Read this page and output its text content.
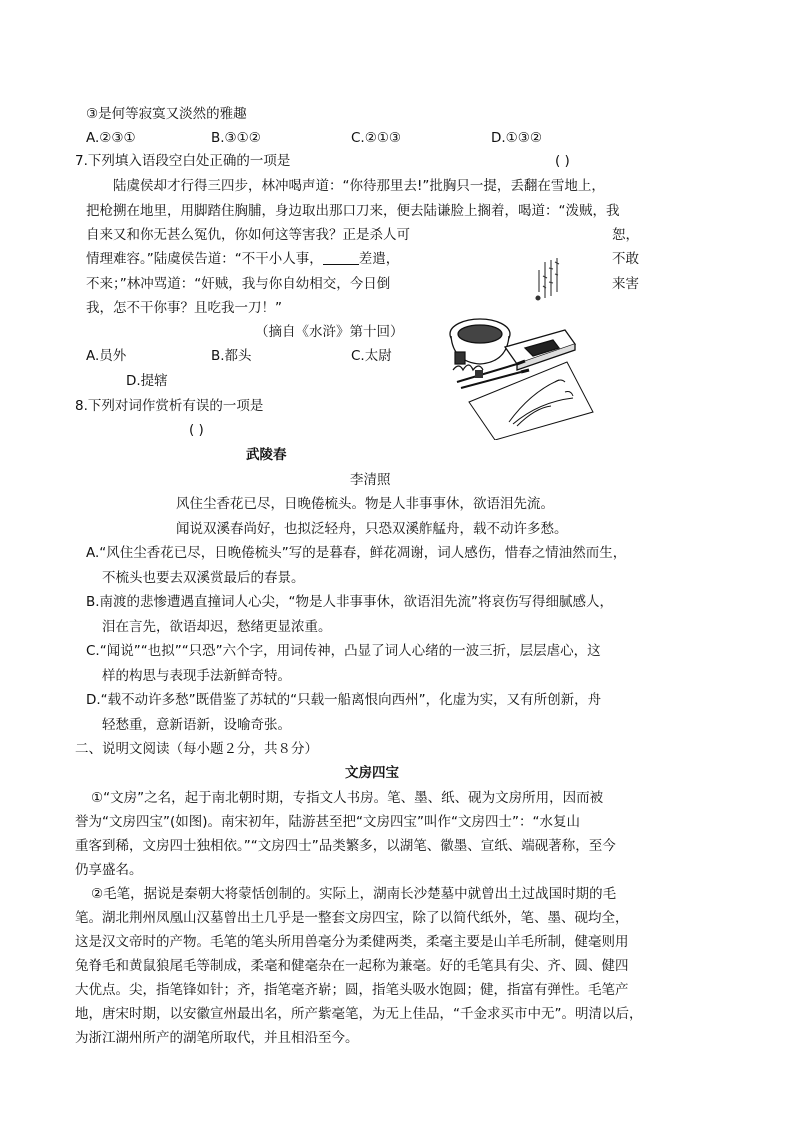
③是何等寂寞又淡然的雅趣
A.②③①	B.③①②	C.②①③	D.①③②
7.下列填入语段空白处正确的一项是	( )
陆虞侯却才行得三四步，林冲喝声道：“你待那里去!”批胸只一提，丢翻在雪地上，
把枪搠在地里，用脚踏住胸脯，身边取出那口刀来，便去陆谦脸上搁着，喝道：“泼贼，我
自来又和你无甚么冤仇，你如何这等害我？正是杀人可	恕，
情理难容。”陆虞侯告道：“不干小人事，	差遣，	不敢
不来；”林冲骂道：“奸贼，我与你自幼相交，今日倒	来害
我，怎不干你事？且吃我一刀！”
（摘自《水浒》第十回）
A.员外	B.都头	C.太尉
D.提辖
8.下列对词作赏析有误的一项是
( )
武陵春
李清照
风住尘香花已尽，日晚倦梳头。物是人非事事休，欲语泪先流。
闻说双溪春尚好，也拟泛轻舟，只恐双溪舴艋舟，载不动许多愁。
A.“风住尘香花已尽，日晚倦梳头”写的是暮春，鲜花凋谢，词人感伤，惜春之情油然而生，
不梳头也要去双溪赏最后的春景。
B.南渡的悲惨遭遇直撞词人心尖，“物是人非事事休，欲语泪先流”将哀伤写得细腻感人，
泪在言先，欲语却迟，愁绪更显浓重。
C.“闻说”“也拟”“只恐”六个字，用词传神，凸显了词人心绪的一波三折，层层虐心，这
样的构思与表现手法新鲜奇特。
D.“载不动许多愁”既借鉴了苏轼的“只载一船离恨向西州”，化虚为实，又有所创新，舟
轻愁重，意新语新，设喻奇张。
二、说明文阅读（每小题２分，共８分）
文房四宝
①“文房”之名，起于南北朝时期，专指文人书房。笔、墨、纸、砚为文房所用，因而被
誉为“文房四宝”(如图)。南宋初年，陆游甚至把“文房四宝”叫作“文房四士”：“水复山
重客到稀，文房四士独相依。”“文房四士”品类繁多，以湖笔、徽墨、宣纸、端砚著称，至今
仍享盛名。
②毛笔，据说是秦朝大将蒙恬创制的。实际上，湖南长沙楚墓中就曾出土过战国时期的毛
笔。湖北荆州凤凰山汉墓曾出土几乎是一整套文房四宝，除了以简代纸外，笔、墨、砚均全，
这是汉文帝时的产物。毛笔的笔头所用兽毫分为柔健两类，柔毫主要是山羊毛所制，健毫则用
兔脊毛和黄鼠狼尾毛等制成，柔毫和健毫杂在一起称为兼毫。好的毛笔具有尖、齐、圆、健四
大优点。尖，指笔锋如针；齐，指笔毫齐崭；圆，指笔头吸水饱圆；健，指富有弹性。毛笔产
地，唐宋时期，以安徽宣州最出名，所产紫毫笔，为无上佳品，“千金求买市中无”。明清以后，
为浙江湖州所产的湖笔所取代，并且相沿至今。
